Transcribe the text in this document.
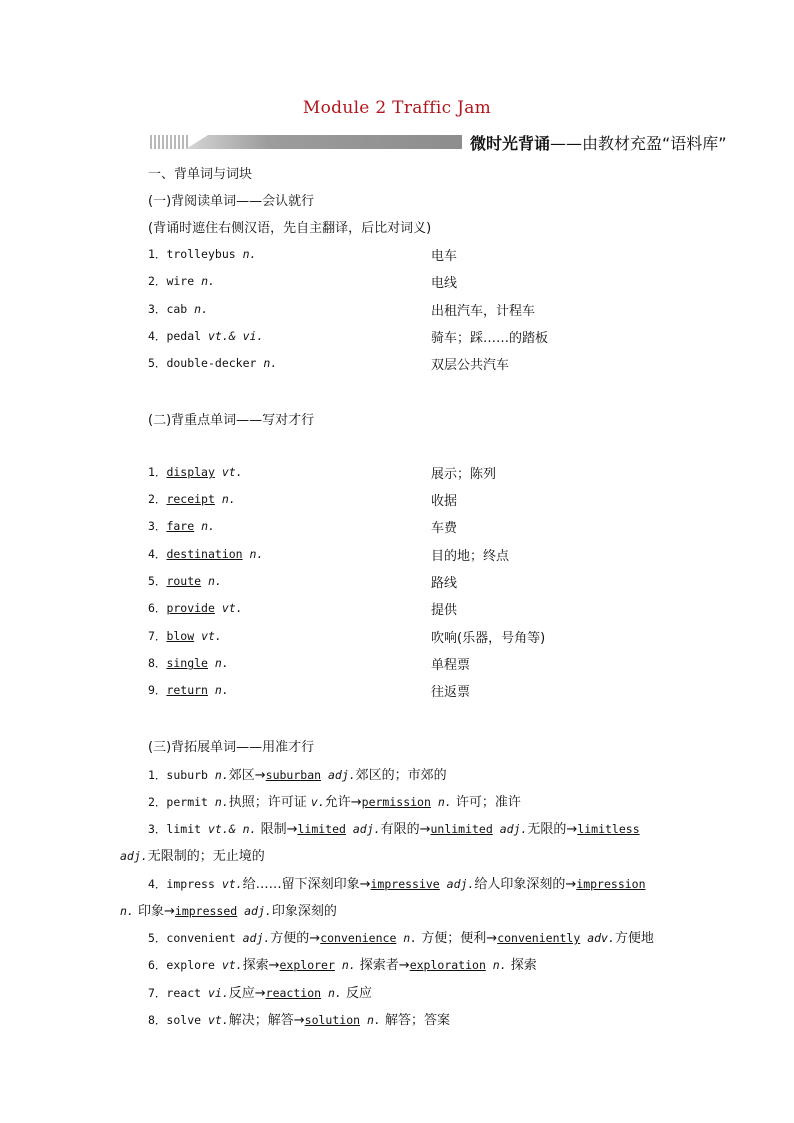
Module 2 Traffic Jam
微时光背诵——由教材充盈“语料库”
一、背单词与词块
(一)背阅读单词——会认就行
(背诵时遮住右侧汉语，先自主翻译，后比对词义)
1．trolleybus n.	电车
2．wire n.	电线
3．cab n.	出租汽车，计程车
4．pedal vt.& vi.	骑车；踩……的踏板
5．double-decker n.	双层公共汽车
(二)背重点单词——写对才行
1．display vt.	展示；陈列
2．receipt n.	收据
3．fare n.	车费
4．destination n.	目的地；终点
5．route n.	路线
6．provide vt.	提供
7．blow vt.	吹响(乐器，号角等)
8．single n.	单程票
9．return n.	往返票
(三)背拓展单词——用准才行
1．suburb n.郊区→suburban adj.郊区的；市郊的
2．permit n.执照；许可证 v.允许→permission n. 许可；准许
3．limit vt.& n. 限制→limited adj.有限的→unlimited adj.无限的→limitless
adj.无限制的；无止境的
4．impress vt.给……留下深刻印象→impressive adj.给人印象深刻的→impression
n. 印象→impressed adj.印象深刻的
5．convenient adj.方便的→convenience n. 方便；便利→conveniently adv.方便地
6．explore vt.探索→explorer n. 探索者→exploration n. 探索
7．react vi.反应→reaction n. 反应
8．solve vt.解决；解答→solution n. 解答；答案
